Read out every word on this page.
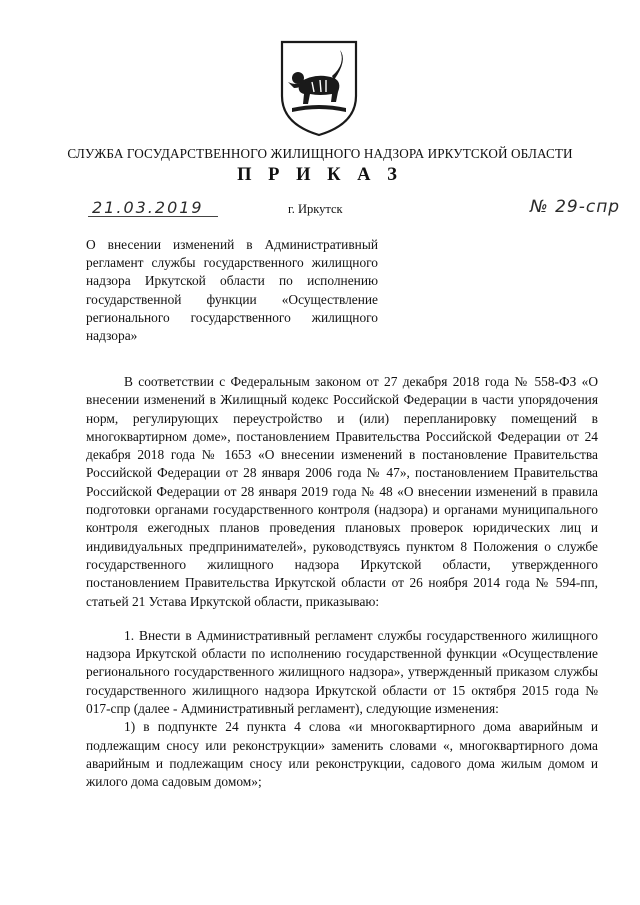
СЛУЖБА ГОСУДАРСТВЕННОГО ЖИЛИЩНОГО НАДЗОРА ИРКУТСКОЙ ОБЛАСТИ
П Р И К А З
21.03.2019	г. Иркутск	№ 29-спр

О внесении изменений в Административный регламент службы государственного жилищного надзора Иркутской области по исполнению государственной функции «Осуществление регионального государственного жилищного надзора»

В соответствии с Федеральным законом от 27 декабря 2018 года № 558-ФЗ «О внесении изменений в Жилищный кодекс Российской Федерации в части упорядочения норм, регулирующих переустройство и (или) перепланировку помещений в многоквартирном доме», постановлением Правительства Российской Федерации от 24 декабря 2018 года № 1653 «О внесении изменений в постановление Правительства Российской Федерации от 28 января 2006 года № 47», постановлением Правительства Российской Федерации от 28 января 2019 года № 48 «О внесении изменений в правила подготовки органами государственного контроля (надзора) и органами муниципального контроля ежегодных планов проведения плановых проверок юридических лиц и индивидуальных предпринимателей», руководствуясь пунктом 8 Положения о службе государственного жилищного надзора Иркутской области, утвержденного постановлением Правительства Иркутской области от 26 ноября 2014 года № 594-пп, статьей 21 Устава Иркутской области, приказываю:

1. Внести в Административный регламент службы государственного жилищного надзора Иркутской области по исполнению государственной функции «Осуществление регионального государственного жилищного надзора», утвержденный приказом службы государственного жилищного надзора Иркутской области от 15 октября 2015 года № 017-спр (далее - Административный регламент), следующие изменения:

1) в подпункте 24 пункта 4 слова «и многоквартирного дома аварийным и подлежащим сносу или реконструкции» заменить словами «, многоквартирного дома аварийным и подлежащим сносу или реконструкции, садового дома жилым домом и жилого дома садовым домом»;
